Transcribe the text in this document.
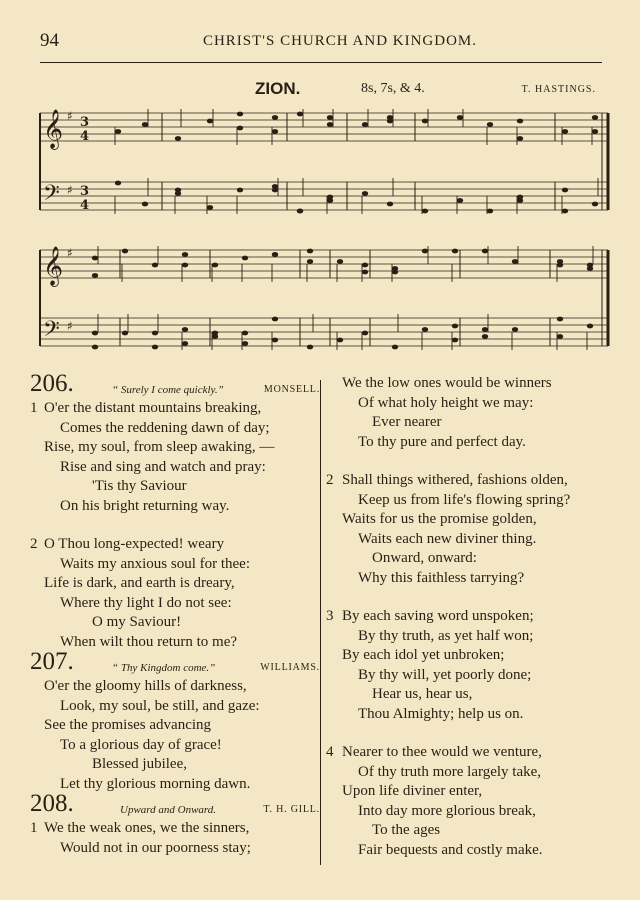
94	CHRIST'S CHURCH AND KINGDOM.
ZION.	8s, 7s, & 4.	T. HASTINGS.
𝄞 ♯ 3
4
𝄢 ♯ 3
4
𝄞 ♯
𝄢 ♯
206.	“ Surely I come quickly.”	MONSELL.
1 O'er the distant mountains breaking,
Comes the reddening dawn of day;
Rise, my soul, from sleep awaking, —
Rise and sing and watch and pray:
'Tis thy Saviour
On his bright returning way.
2 O Thou long-expected! weary
Waits my anxious soul for thee:
Life is dark, and earth is dreary,
Where thy light I do not see:
O my Saviour!
When wilt thou return to me?
207.	“ Thy Kingdom come.”	WILLIAMS.
O'er the gloomy hills of darkness,
Look, my soul, be still, and gaze:
See the promises advancing
To a glorious day of grace!
Blessed jubilee,
Let thy glorious morning dawn.
208.	Upward and Onward.	T. H. GILL.
1 We the weak ones, we the sinners,
Would not in our poorness stay;
We the low ones would be winners
Of what holy height we may:
Ever nearer
To thy pure and perfect day.
2 Shall things withered, fashions olden,
Keep us from life's flowing spring?
Waits for us the promise golden,
Waits each new diviner thing.
Onward, onward:
Why this faithless tarrying?
3 By each saving word unspoken;
By thy truth, as yet half won;
By each idol yet unbroken;
By thy will, yet poorly done;
Hear us, hear us,
Thou Almighty; help us on.
4 Nearer to thee would we venture,
Of thy truth more largely take,
Upon life diviner enter,
Into day more glorious break,
To the ages
Fair bequests and costly make.
